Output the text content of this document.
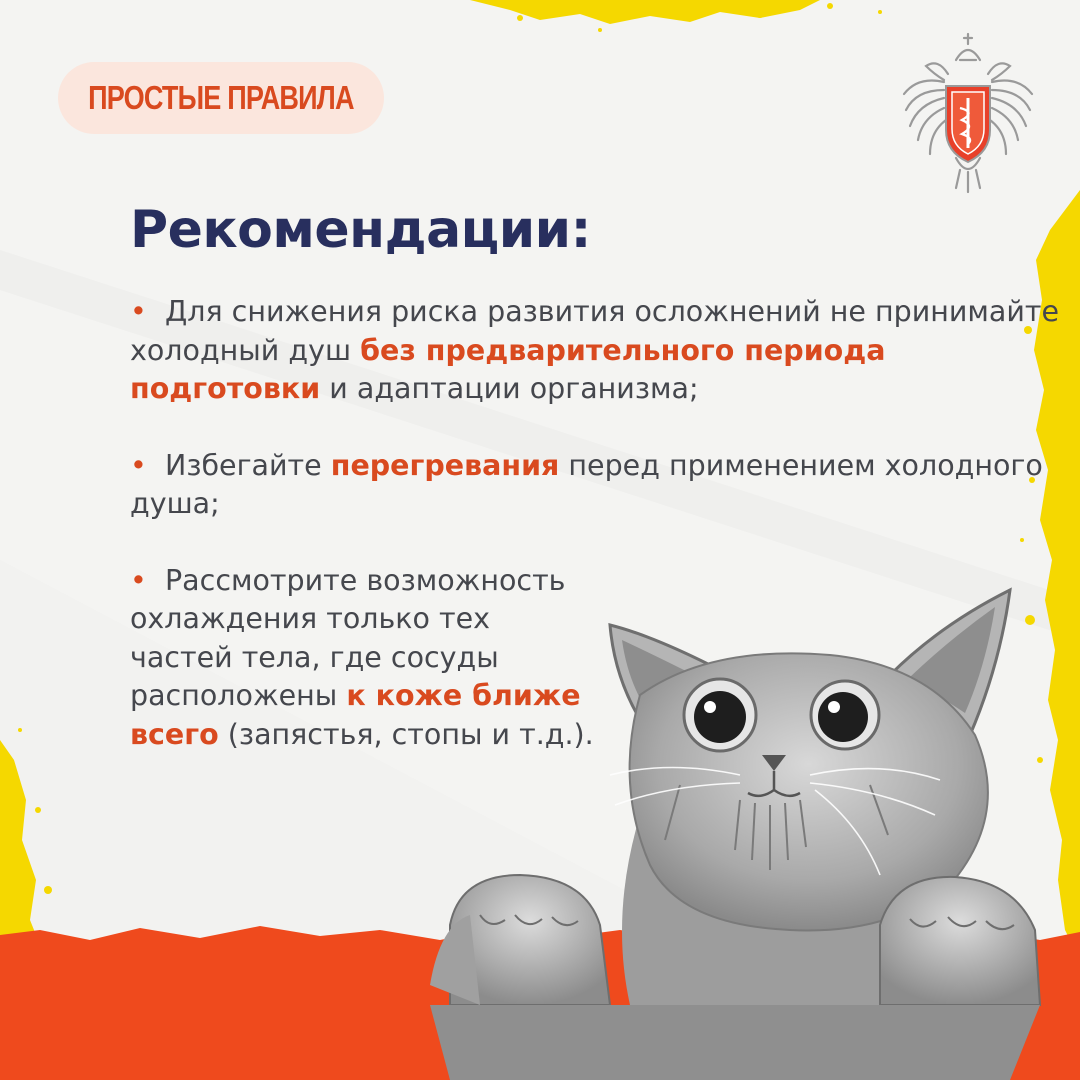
ПРОСТЫЕ ПРАВИЛА
Рекомендации:
• Для снижения риска развития осложнений не принимайте холодный душ без предварительного периода подготовки и адаптации организма;
• Избегайте перегревания перед применением холодного душа;
• Рассмотрите возможность охлаждения только тех частей тела, где сосуды расположены к коже ближе всего (запястья, стопы и т.д.).
